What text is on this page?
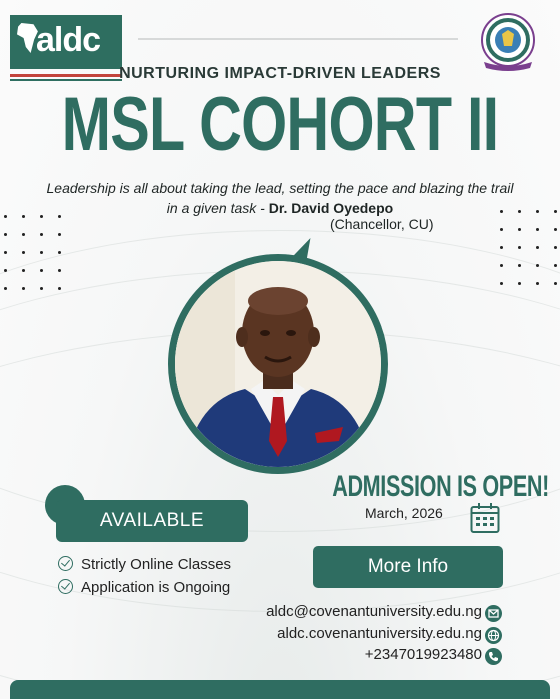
aldc
NURTURING IMPACT-DRIVEN LEADERS
MSL COHORT II
Leadership is all about taking the lead, setting the pace and blazing the trail in a given task - Dr. David Oyedepo
(Chancellor, CU)
AVAILABLE
Strictly Online Classes
Application is Ongoing
ADMISSION IS OPEN!
March, 2026
More Info
aldc@covenantuniversity.edu.ng
aldc.covenantuniversity.edu.ng
+2347019923480
